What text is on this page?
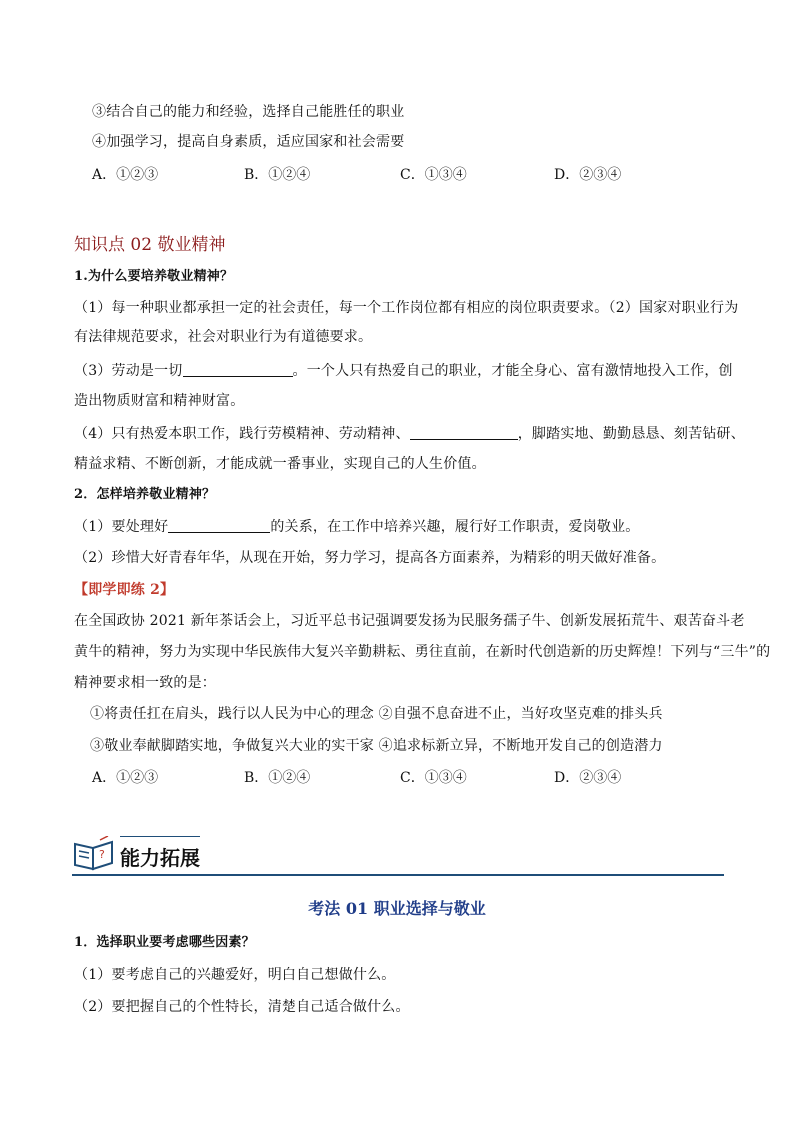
③结合自己的能力和经验，选择自己能胜任的职业
④加强学习，提高自身素质，适应国家和社会需要
A．①②③	B．①②④	C．①③④	D．②③④
知识点 02 敬业精神
1.为什么要培养敬业精神？
（1）每一种职业都承担一定的社会责任，每一个工作岗位都有相应的岗位职责要求。（2）国家对职业行为
有法律规范要求，社会对职业行为有道德要求。
（3）劳动是一切	。一个人只有热爱自己的职业，才能全身心、富有激情地投入工作，创
造出物质财富和精神财富。
（4）只有热爱本职工作，践行劳模精神、劳动精神、	，脚踏实地、勤勤恳恳、刻苦钻研、
精益求精、不断创新，才能成就一番事业，实现自己的人生价值。
2．怎样培养敬业精神？
（1）要处理好	的关系，在工作中培养兴趣，履行好工作职责，爱岗敬业。
（2）珍惜大好青春年华，从现在开始，努力学习，提高各方面素养，为精彩的明天做好准备。
【即学即练 2】
在全国政协 2021 新年茶话会上，习近平总书记强调要发扬为民服务孺子牛、创新发展拓荒牛、艰苦奋斗老
黄牛的精神，努力为实现中华民族伟大复兴辛勤耕耘、勇往直前，在新时代创造新的历史辉煌！下列与“三牛”的
精神要求相一致的是：
①将责任扛在肩头，践行以人民为中心的理念 ②自强不息奋进不止，当好攻坚克难的排头兵
③敬业奉献脚踏实地，争做复兴大业的实干家 ④追求标新立异，不断地开发自己的创造潜力
A．①②③	B．①②④	C．①③④	D．②③④
? 能力拓展
考法 01 职业选择与敬业
1．选择职业要考虑哪些因素？
（1）要考虑自己的兴趣爱好，明白自己想做什么。
（2）要把握自己的个性特长，清楚自己适合做什么。
